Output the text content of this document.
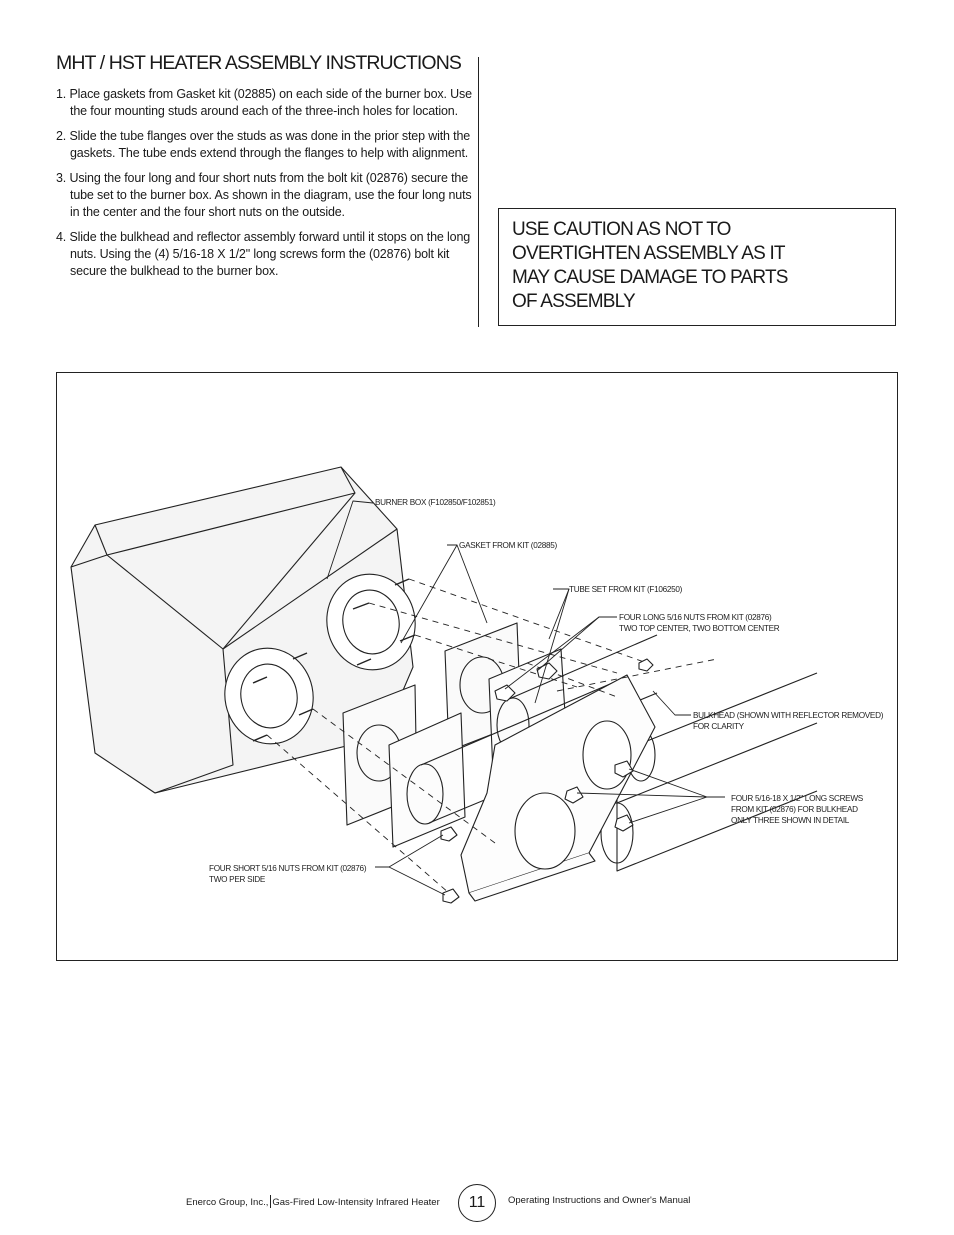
MHT / HST HEATER ASSEMBLY INSTRUCTIONS
1. Place gaskets from Gasket kit (02885) on each side of the burner box. Use the four mounting studs around each of the three-inch holes for location.
2. Slide the tube flanges over the studs as was done in the prior step with the gaskets. The tube ends extend through the flanges to help with alignment.
3. Using the four long and four short nuts from the bolt kit (02876) secure the tube set to the burner box. As shown in the diagram, use the four long nuts in the center and the four short nuts on the outside.
4. Slide the bulkhead and reflector assembly forward until it stops on the long nuts. Using the (4) 5/16-18 X 1/2" long screws form the (02876) bolt kit secure the bulkhead to the burner box.
USE CAUTION AS NOT TO
OVERTIGHTEN ASSEMBLY AS IT
MAY CAUSE DAMAGE TO PARTS
OF ASSEMBLY
BURNER BOX (F102850/F102851)
GASKET FROM KIT (02885)
TUBE SET FROM KIT (F106250)
FOUR LONG 5/16 NUTS FROM KIT (02876)
TWO TOP CENTER, TWO BOTTOM CENTER
BULKHEAD (SHOWN WITH REFLECTOR REMOVED)
FOR CLARITY
FOUR 5/16-18 X 1/2" LONG SCREWS
FROM KIT (02876) FOR BULKHEAD
ONLY THREE SHOWN IN DETAIL
FOUR SHORT 5/16 NUTS FROM KIT (02876)
TWO PER SIDE
Enerco Group, Inc., Gas-Fired Low-Intensity Infrared Heater	11	Operating Instructions and Owner's Manual
